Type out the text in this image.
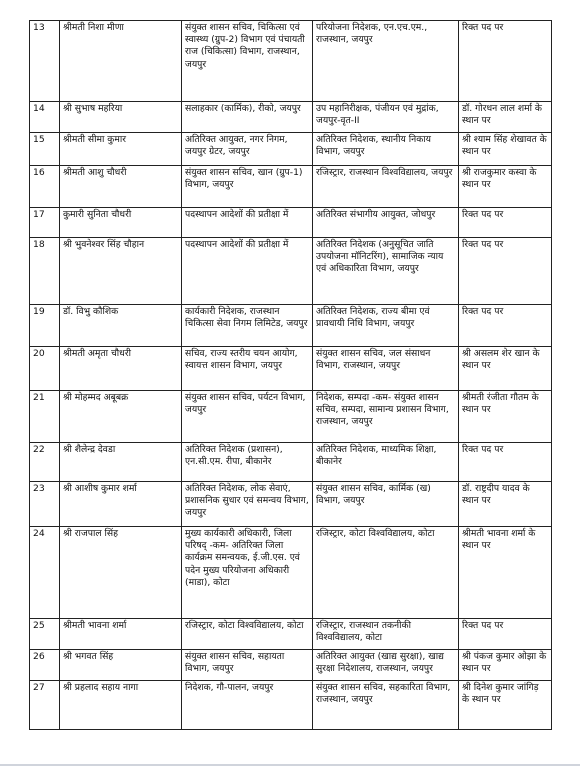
13	श्रीमती निशा मीणा	संयुक्त शासन सचिव, चिकित्सा एवं स्वास्थ्य (ग्रुप-2) विभाग एवं पंचायती राज (चिकित्सा) विभाग, राजस्थान, जयपुर	परियोजना निदेशक, एन.एच.एम., राजस्थान, जयपुर	रिक्त पद पर
14	श्री सुभाष महरिया	सलाहकार (कार्मिक), रीको, जयपुर	उप महानिरीक्षक, पंजीयन एवं मुद्रांक, जयपुर-वृत-II	डॉ. गोरधन लाल शर्मा के स्थान पर
15	श्रीमती सीमा कुमार	अतिरिक्त आयुक्त, नगर निगम, जयपुर ग्रेटर, जयपुर	अतिरिक्त निदेशक, स्थानीय निकाय विभाग, जयपुर	श्री श्याम सिंह शेखावत के स्थान पर
16	श्रीमती आशु चौधरी	संयुक्त शासन सचिव, खान (ग्रुप-1) विभाग, जयपुर	रजिस्ट्रार, राजस्थान विश्वविद्यालय, जयपुर	श्री राजकुमार कस्वा के स्थान पर
17	कुमारी सुनिता चौधरी	पदस्थापन आदेशों की प्रतीक्षा में	अतिरिक्त संभागीय आयुक्त, जोधपुर	रिक्त पद पर
18	श्री भुवनेश्वर सिंह चौहान	पदस्थापन आदेशों की प्रतीक्षा में	अतिरिक्त निदेशक (अनुसूचित जाति उपयोजना मॉनिटरिंग), सामाजिक न्याय एवं अधिकारिता विभाग, जयपुर	रिक्त पद पर
19	डॉ. विभु कौशिक	कार्यकारी निदेशक, राजस्थान चिकित्सा सेवा निगम लिमिटेड, जयपुर	अतिरिक्त निदेशक, राज्य बीमा एवं प्रावधायी निधि विभाग, जयपुर	रिक्त पद पर
20	श्रीमती अमृता चौधरी	सचिव, राज्य स्तरीय चयन आयोग, स्वायत्त शासन विभाग, जयपुर	संयुक्त शासन सचिव, जल संसाधन विभाग, राजस्थान, जयपुर	श्री असलम शेर खान के स्थान पर
21	श्री मोहम्मद अबूबक्र	संयुक्त शासन सचिव, पर्यटन विभाग, जयपुर	निदेशक, सम्पदा -कम- संयुक्त शासन सचिव, सम्पदा, सामान्य प्रशासन विभाग, राजस्थान, जयपुर	श्रीमती रंजीता गौतम के स्थान पर
22	श्री शैलेन्द्र देवडा	अतिरिक्त निदेशक (प्रशासन), एन.सी.एम. रीपा, बीकानेर	अतिरिक्त निदेशक, माध्यमिक शिक्षा, बीकानेर	रिक्त पद पर
23	श्री आशीष कुमार शर्मा	अतिरिक्त निदेशक, लोक सेवाएं, प्रशासनिक सुधार एवं समन्वय विभाग, जयपुर	संयुक्त शासन सचिव, कार्मिक (ख) विभाग, जयपुर	डॉ. राष्ट्रदीप यादव के स्थान पर
24	श्री राजपाल सिंह	मुख्य कार्यकारी अधिकारी, जिला परिषद् -कम- अतिरिक्त जिला कार्यक्रम समन्वयक, ई.जी.एस. एवं पदेन मुख्य परियोजना अधिकारी (माडा), कोटा	रजिस्ट्रार, कोटा विश्वविद्यालय, कोटा	श्रीमती भावना शर्मा के स्थान पर
25	श्रीमती भावना शर्मा	रजिस्ट्रार, कोटा विश्वविद्यालय, कोटा	रजिस्ट्रार, राजस्थान तकनीकी विश्वविद्यालय, कोटा	रिक्त पद पर
26	श्री भगवत सिंह	संयुक्त शासन सचिव, सहायता विभाग, जयपुर	अतिरिक्त आयुक्त (खाद्य सुरक्षा), खाद्य सुरक्षा निदेशालय, राजस्थान, जयपुर	श्री पंकज कुमार ओझा के स्थान पर
27	श्री प्रहलाद सहाय नागा	निदेशक, गौ-पालन, जयपुर	संयुक्त शासन सचिव, सहकारिता विभाग, राजस्थान, जयपुर	श्री दिनेश कुमार जांगिड़ के स्थान पर
